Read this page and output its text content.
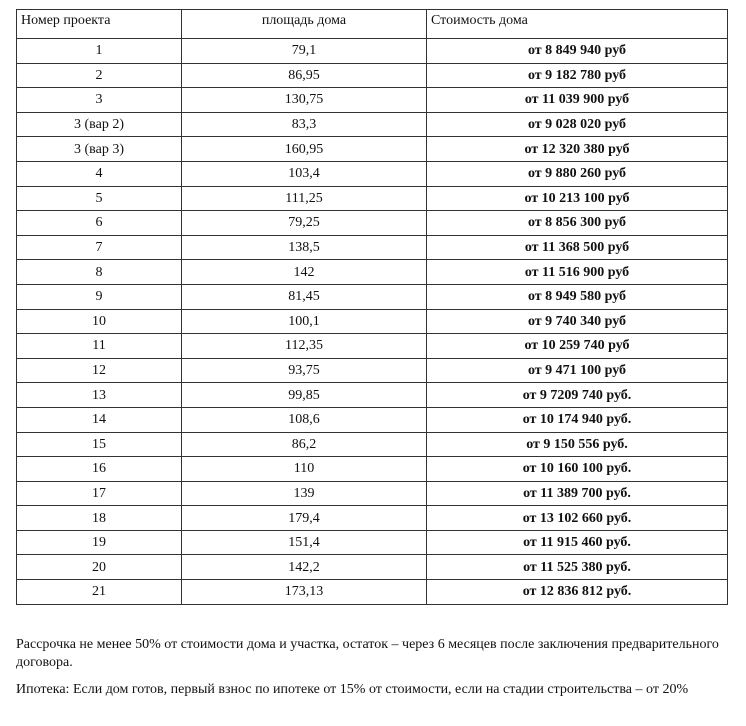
Номер проекта	площадь дома	Стоимость дома
1	79,1	от 8 849 940 руб
2	86,95	от 9 182 780 руб
3	130,75	от 11 039 900 руб
3 (вар 2)	83,3	от 9 028 020 руб
3 (вар 3)	160,95	от 12 320 380 руб
4	103,4	от 9 880 260 руб
5	111,25	от 10 213 100 руб
6	79,25	от 8 856 300 руб
7	138,5	от 11 368 500 руб
8	142	от 11 516 900 руб
9	81,45	от 8 949 580 руб
10	100,1	от 9 740 340 руб
11	112,35	от 10 259 740 руб
12	93,75	от 9 471 100 руб
13	99,85	от 9 7209 740 руб.
14	108,6	от 10 174 940 руб.
15	86,2	от 9 150 556 руб.
16	110	от 10 160 100 руб.
17	139	от 11 389 700 руб.
18	179,4	от 13 102 660 руб.
19	151,4	от 11 915 460 руб.
20	142,2	от 11 525 380 руб.
21	173,13	от 12 836 812 руб.

Рассрочка не менее 50% от стоимости дома и участка, остаток – через 6 месяцев после заключения предварительного договора.

Ипотека: Если дом готов, первый взнос по ипотеке от 15% от стоимости, если на стадии строительства – от 20%
